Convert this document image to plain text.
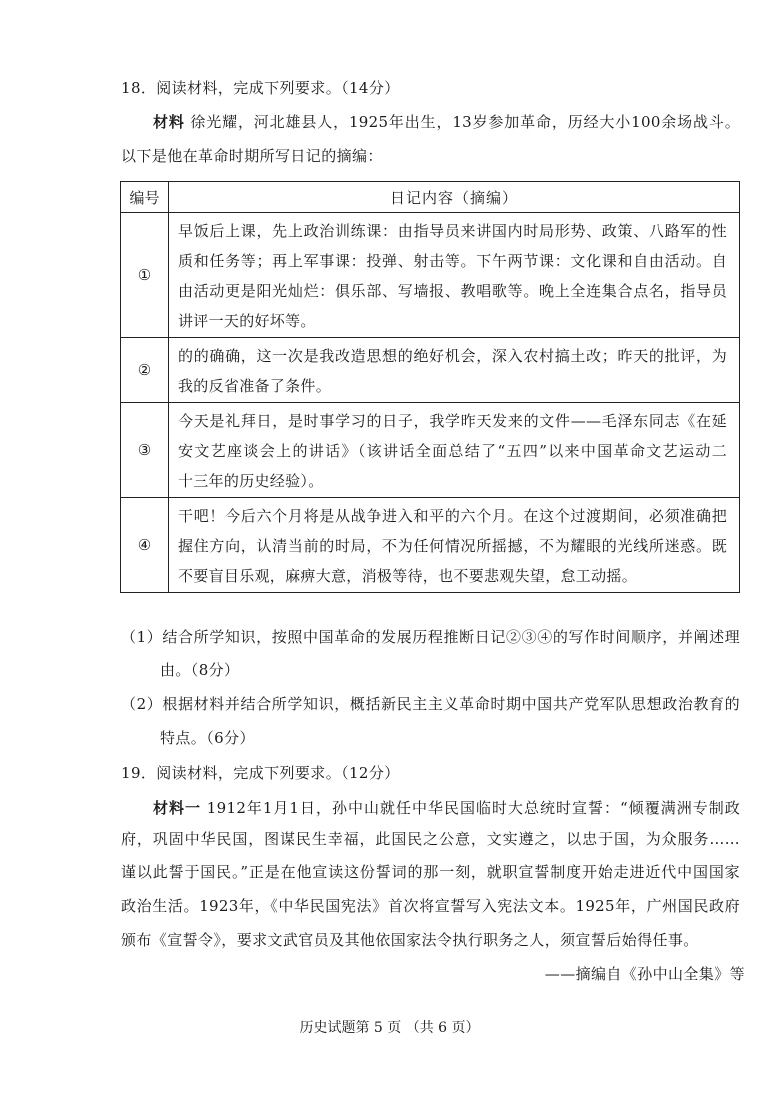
18．阅读材料，完成下列要求。（14分）
材料 徐光耀，河北雄县人，1925年出生，13岁参加革命，历经大小100余场战斗。
以下是他在革命时期所写日记的摘编：
编号	日记内容（摘编）
①	早饭后上课，先上政治训练课：由指导员来讲国内时局形势、政策、八路军的性
质和任务等；再上军事课：投弹、射击等。下午两节课：文化课和自由活动。自
由活动更是阳光灿烂：俱乐部、写墙报、教唱歌等。晚上全连集合点名，指导员
讲评一天的好坏等。

②	的的确确，这一次是我改造思想的绝好机会，深入农村搞土改；昨天的批评，为
我的反省准备了条件。

③	今天是礼拜日，是时事学习的日子，我学昨天发来的文件——毛泽东同志《在延
安文艺座谈会上的讲话》（该讲话全面总结了“五四”以来中国革命文艺运动二
十三年的历史经验）。

④	干吧！今后六个月将是从战争进入和平的六个月。在这个过渡期间，必须准确把
握住方向，认清当前的时局，不为任何情况所摇撼，不为耀眼的光线所迷惑。既
不要盲目乐观，麻痹大意，消极等待，也不要悲观失望，怠工动摇。
（1）结合所学知识，按照中国革命的发展历程推断日记②③④的写作时间顺序，并阐述理
由。（8分）
（2）根据材料并结合所学知识，概括新民主主义革命时期中国共产党军队思想政治教育的
特点。（6分）
19．阅读材料，完成下列要求。（12分）
材料一 1912年1月1日，孙中山就任中华民国临时大总统时宣誓：“倾覆满洲专制政
府，巩固中华民国，图谋民生幸福，此国民之公意，文实遵之，以忠于国，为众服务……
谨以此誓于国民。”正是在他宣读这份誓词的那一刻，就职宣誓制度开始走进近代中国国家
政治生活。1923年，《中华民国宪法》首次将宣誓写入宪法文本。1925年，广州国民政府
颁布《宣誓令》，要求文武官员及其他依国家法令执行职务之人，须宣誓后始得任事。
——摘编自《孙中山全集》等
历史试题第 5 页 （共 6 页）
